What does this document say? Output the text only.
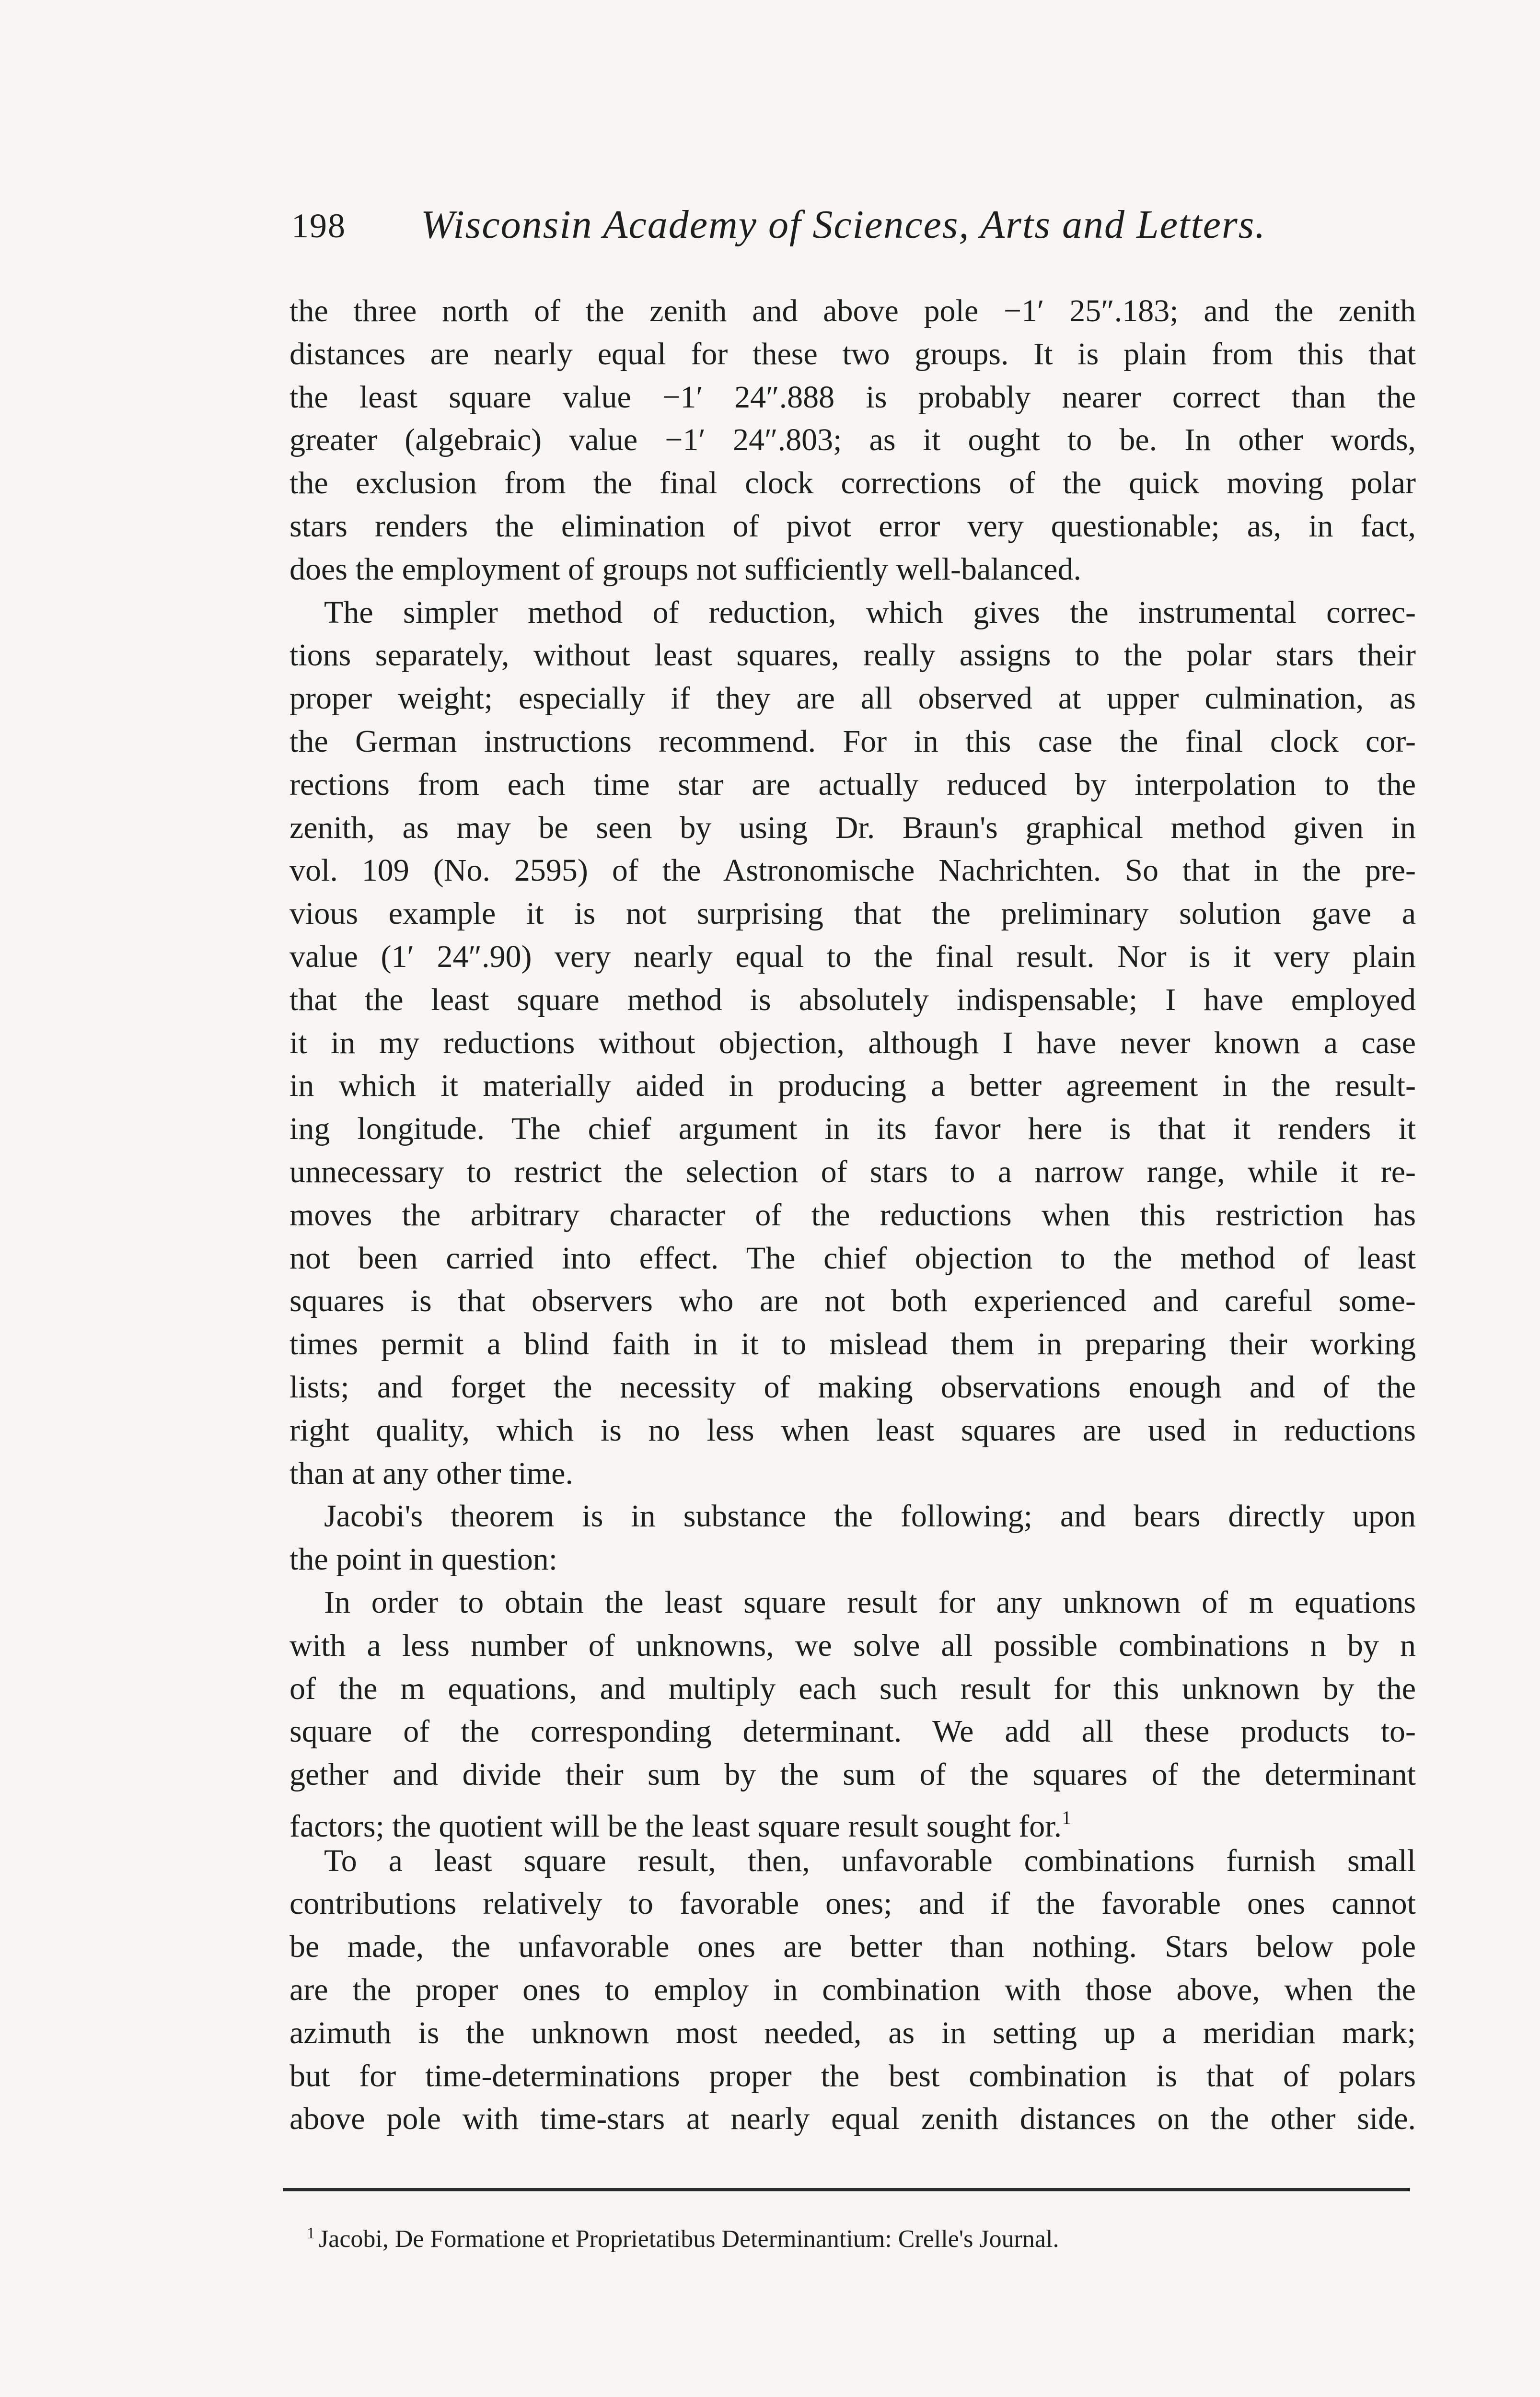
198 Wisconsin Academy of Sciences, Arts and Letters.
the three north of the zenith and above pole −1′ 25″.183; and the zenith
distances are nearly equal for these two groups. It is plain from this that
the least square value −1′ 24″.888 is probably nearer correct than the
greater (algebraic) value −1′ 24″.803; as it ought to be. In other words,
the exclusion from the final clock corrections of the quick moving polar
stars renders the elimination of pivot error very questionable; as, in fact,
does the employment of groups not sufficiently well-balanced.
The simpler method of reduction, which gives the instrumental correc-
tions separately, without least squares, really assigns to the polar stars their
proper weight; especially if they are all observed at upper culmination, as
the German instructions recommend. For in this case the final clock cor-
rections from each time star are actually reduced by interpolation to the
zenith, as may be seen by using Dr. Braun's graphical method given in
vol. 109 (No. 2595) of the Astronomische Nachrichten. So that in the pre-
vious example it is not surprising that the preliminary solution gave a
value (1′ 24″.90) very nearly equal to the final result. Nor is it very plain
that the least square method is absolutely indispensable; I have employed
it in my reductions without objection, although I have never known a case
in which it materially aided in producing a better agreement in the result-
ing longitude. The chief argument in its favor here is that it renders it
unnecessary to restrict the selection of stars to a narrow range, while it re-
moves the arbitrary character of the reductions when this restriction has
not been carried into effect. The chief objection to the method of least
squares is that observers who are not both experienced and careful some-
times permit a blind faith in it to mislead them in preparing their working
lists; and forget the necessity of making observations enough and of the
right quality, which is no less when least squares are used in reductions
than at any other time.
Jacobi's theorem is in substance the following; and bears directly upon
the point in question:
In order to obtain the least square result for any unknown of m equations
with a less number of unknowns, we solve all possible combinations n by n
of the m equations, and multiply each such result for this unknown by the
square of the corresponding determinant. We add all these products to-
gether and divide their sum by the sum of the squares of the determinant
factors; the quotient will be the least square result sought for.$^1$
To a least square result, then, unfavorable combinations furnish small
contributions relatively to favorable ones; and if the favorable ones cannot
be made, the unfavorable ones are better than nothing. Stars below pole
are the proper ones to employ in combination with those above, when the
azimuth is the unknown most needed, as in setting up a meridian mark;
but for time-determinations proper the best combination is that of polars
above pole with time-stars at nearly equal zenith distances on the other side.
$^1$ Jacobi, De Formatione et Proprietatibus Determinantium: Crelle's Journal.
